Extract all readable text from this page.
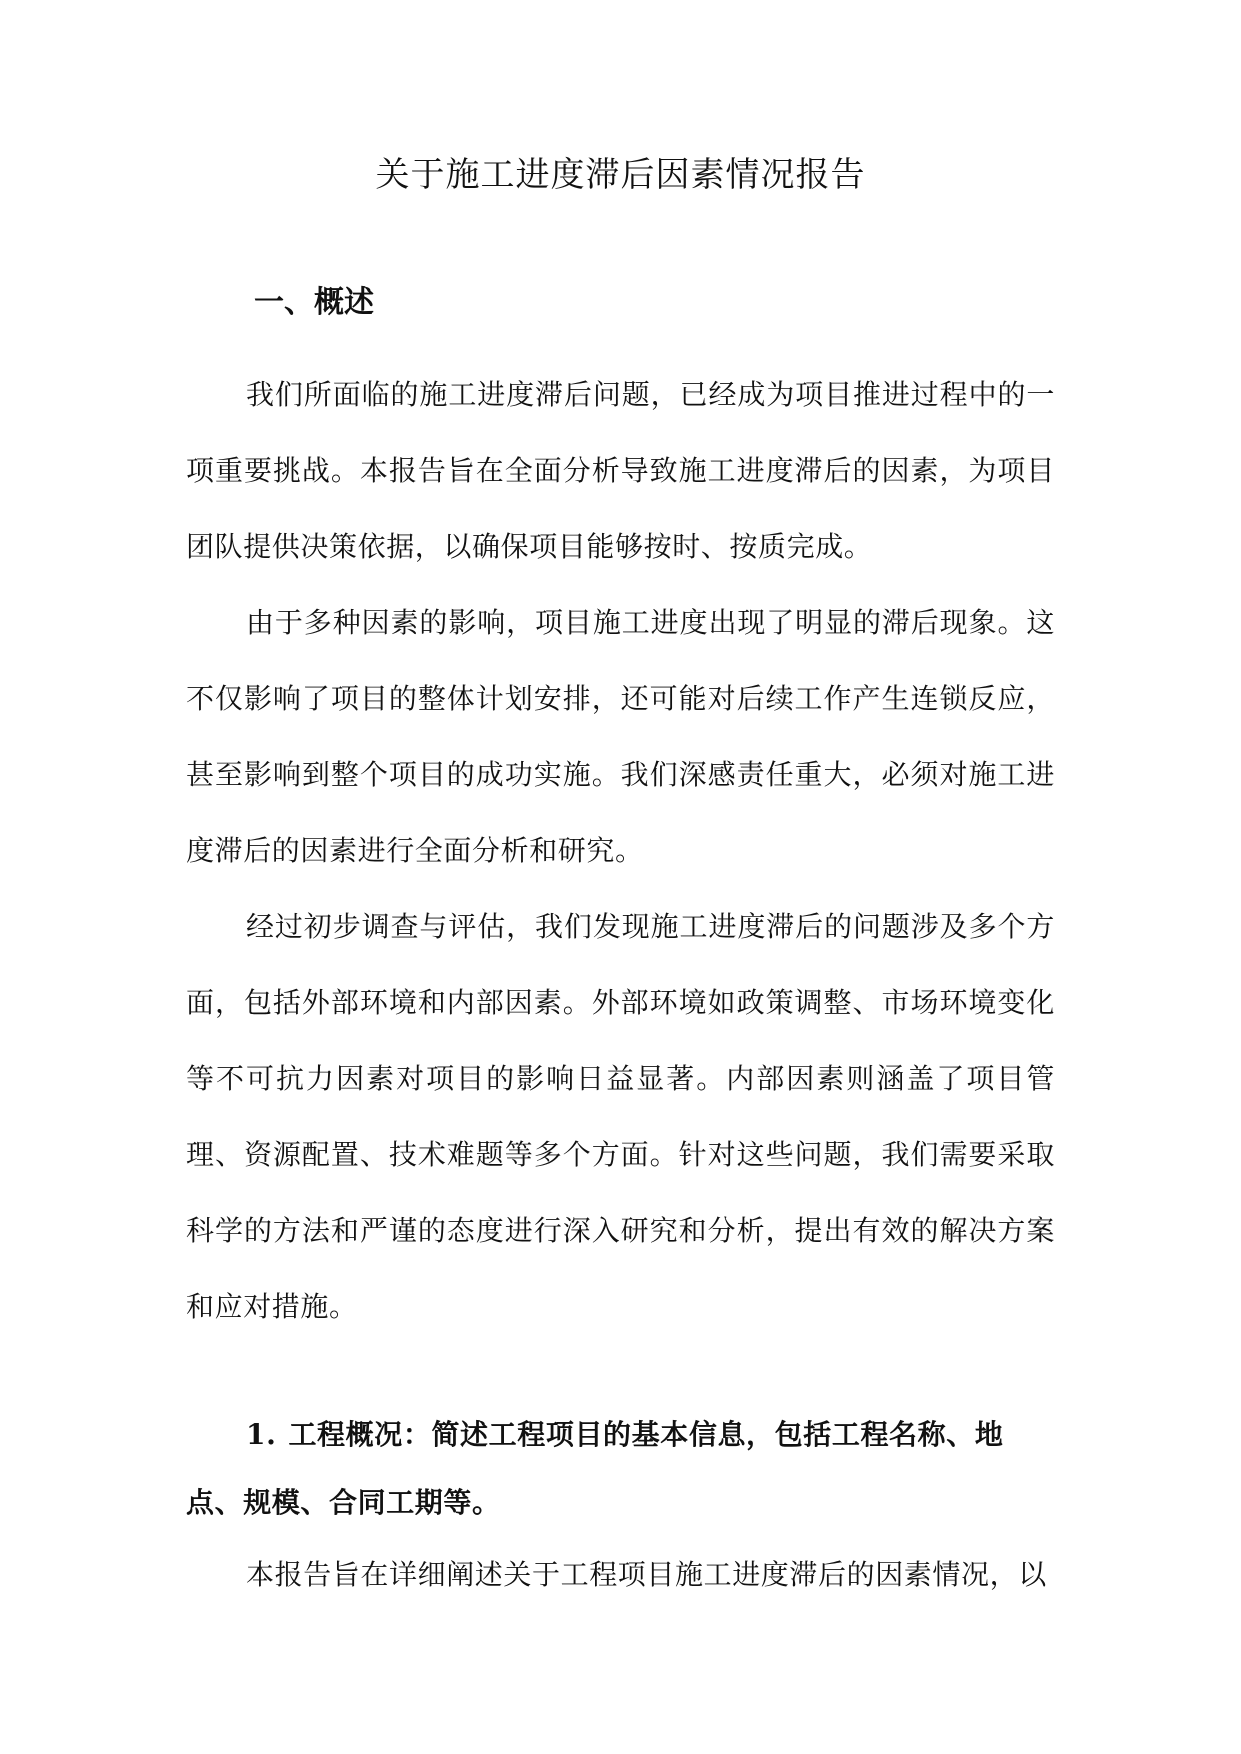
关于施工进度滞后因素情况报告
一、概述

我们所面临的施工进度滞后问题，已经成为项目推进过程中的一项重要挑战。本报告旨在全面分析导致施工进度滞后的因素，为项目团队提供决策依据，以确保项目能够按时、按质完成。

由于多种因素的影响，项目施工进度出现了明显的滞后现象。这不仅影响了项目的整体计划安排，还可能对后续工作产生连锁反应，甚至影响到整个项目的成功实施。我们深感责任重大，必须对施工进度滞后的因素进行全面分析和研究。

经过初步调查与评估，我们发现施工进度滞后的问题涉及多个方面，包括外部环境和内部因素。外部环境如政策调整、市场环境变化等不可抗力因素对项目的影响日益显著。内部因素则涵盖了项目管理、资源配置、技术难题等多个方面。针对这些问题，我们需要采取科学的方法和严谨的态度进行深入研究和分析，提出有效的解决方案和应对措施。

1. 工程概况：简述工程项目的基本信息，包括工程名称、地点、规模、合同工期等。

本报告旨在详细阐述关于工程项目施工进度滞后的因素情况，以
